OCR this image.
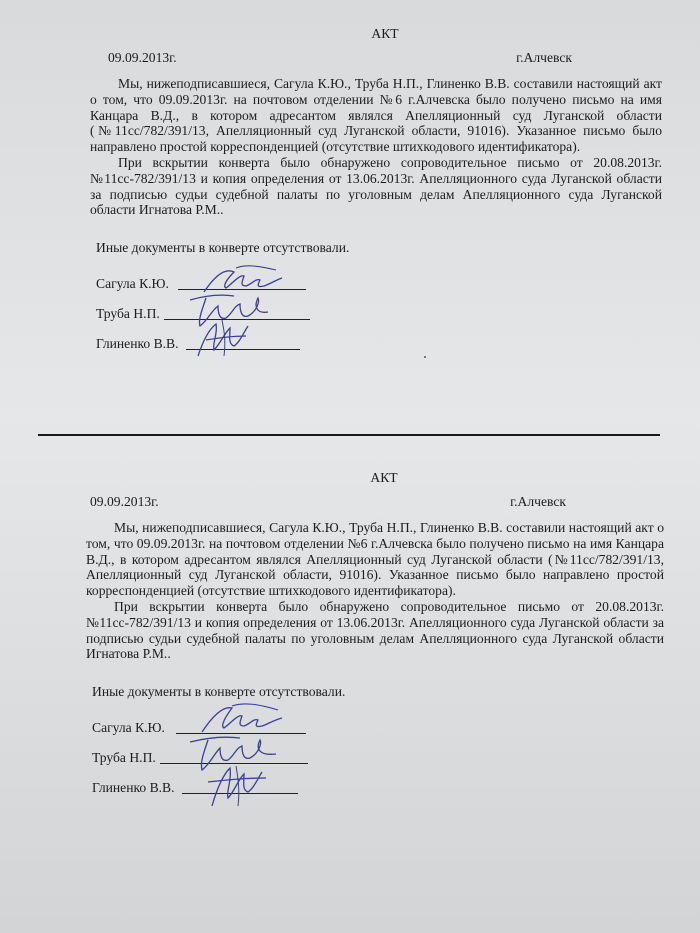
АКТ
09.09.2013г.	г.Алчевск

Мы, нижеподписавшиеся, Сагула К.Ю., Труба Н.П., Глиненко В.В. составили настоящий акт о том, что 09.09.2013г. на почтовом отделении №6 г.Алчевска было получено письмо на имя Канцара В.Д., в котором адресантом являлся Апелляционный суд Луганской области (№11сс/782/391/13, Апелляционный суд Луганской области, 91016). Указанное письмо было направлено простой корреспонденцией (отсутствие штихкодового идентификатора).

При вскрытии конверта было обнаружено сопроводительное письмо от 20.08.2013г. №11сс-782/391/13 и копия определения от 13.06.2013г. Апелляционного суда Луганской области за подписью судьи судебной палаты по уголовным делам Апелляционного суда Луганской области Игнатова Р.М..

Иные документы в конверте отсутствовали.
Сагула К.Ю.
Труба Н.П.
Глиненко В.В.
АКТ
09.09.2013г.	г.Алчевск

Мы, нижеподписавшиеся, Сагула К.Ю., Труба Н.П., Глиненко В.В. составили настоящий акт о том, что 09.09.2013г. на почтовом отделении №6 г.Алчевска было получено письмо на имя Канцара В.Д., в котором адресантом являлся Апелляционный суд Луганской области (№11сс/782/391/13, Апелляционный суд Луганской области, 91016). Указанное письмо было направлено простой корреспонденцией (отсутствие штихкодового идентификатора).

При вскрытии конверта было обнаружено сопроводительное письмо от 20.08.2013г. №11сс-782/391/13 и копия определения от 13.06.2013г. Апелляционного суда Луганской области за подписью судьи судебной палаты по уголовным делам Апелляционного суда Луганской области Игнатова Р.М..

Иные документы в конверте отсутствовали.
Сагула К.Ю.
Труба Н.П.
Глиненко В.В.
